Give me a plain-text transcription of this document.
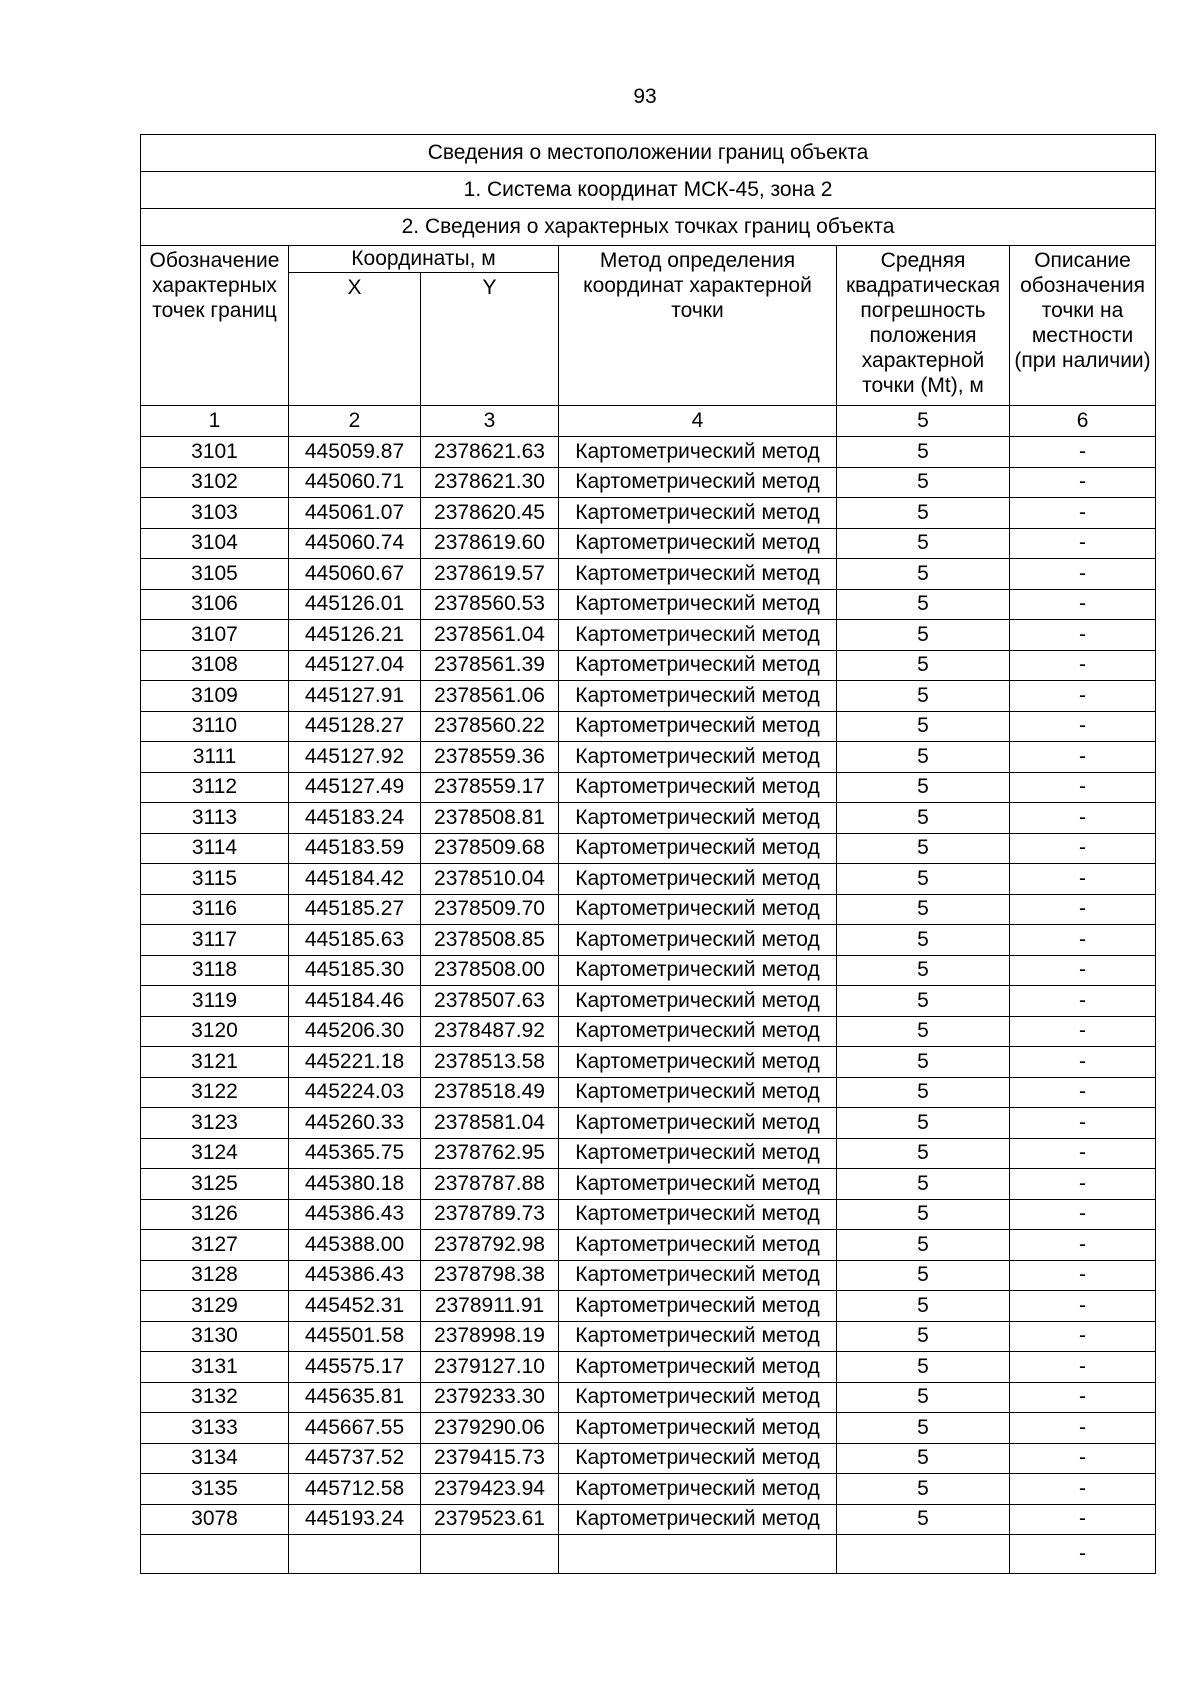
93
Сведения о местоположении границ объекта					
1. Система координат МСК-45, зона 2					
2. Сведения о характерных точках границ объекта					
Обозначение характерных точек границ	Координаты, м		Метод определения координат характерной точки	Средняя квадратическая погрешность положения характерной точки (Mt), м	Описание обозначения точки на местности (при наличии)
	X	Y			
1	2	3	4	5	6
3101	445059.87	2378621.63	Картометрический метод	5	-
3102	445060.71	2378621.30	Картометрический метод	5	-
3103	445061.07	2378620.45	Картометрический метод	5	-
3104	445060.74	2378619.60	Картометрический метод	5	-
3105	445060.67	2378619.57	Картометрический метод	5	-
3106	445126.01	2378560.53	Картометрический метод	5	-
3107	445126.21	2378561.04	Картометрический метод	5	-
3108	445127.04	2378561.39	Картометрический метод	5	-
3109	445127.91	2378561.06	Картометрический метод	5	-
3110	445128.27	2378560.22	Картометрический метод	5	-
3111	445127.92	2378559.36	Картометрический метод	5	-
3112	445127.49	2378559.17	Картометрический метод	5	-
3113	445183.24	2378508.81	Картометрический метод	5	-
3114	445183.59	2378509.68	Картометрический метод	5	-
3115	445184.42	2378510.04	Картометрический метод	5	-
3116	445185.27	2378509.70	Картометрический метод	5	-
3117	445185.63	2378508.85	Картометрический метод	5	-
3118	445185.30	2378508.00	Картометрический метод	5	-
3119	445184.46	2378507.63	Картометрический метод	5	-
3120	445206.30	2378487.92	Картометрический метод	5	-
3121	445221.18	2378513.58	Картометрический метод	5	-
3122	445224.03	2378518.49	Картометрический метод	5	-
3123	445260.33	2378581.04	Картометрический метод	5	-
3124	445365.75	2378762.95	Картометрический метод	5	-
3125	445380.18	2378787.88	Картометрический метод	5	-
3126	445386.43	2378789.73	Картометрический метод	5	-
3127	445388.00	2378792.98	Картометрический метод	5	-
3128	445386.43	2378798.38	Картометрический метод	5	-
3129	445452.31	2378911.91	Картометрический метод	5	-
3130	445501.58	2378998.19	Картометрический метод	5	-
3131	445575.17	2379127.10	Картометрический метод	5	-
3132	445635.81	2379233.30	Картометрический метод	5	-
3133	445667.55	2379290.06	Картометрический метод	5	-
3134	445737.52	2379415.73	Картометрический метод	5	-
3135	445712.58	2379423.94	Картометрический метод	5	-
3078	445193.24	2379523.61	Картометрический метод	5	-
					-
